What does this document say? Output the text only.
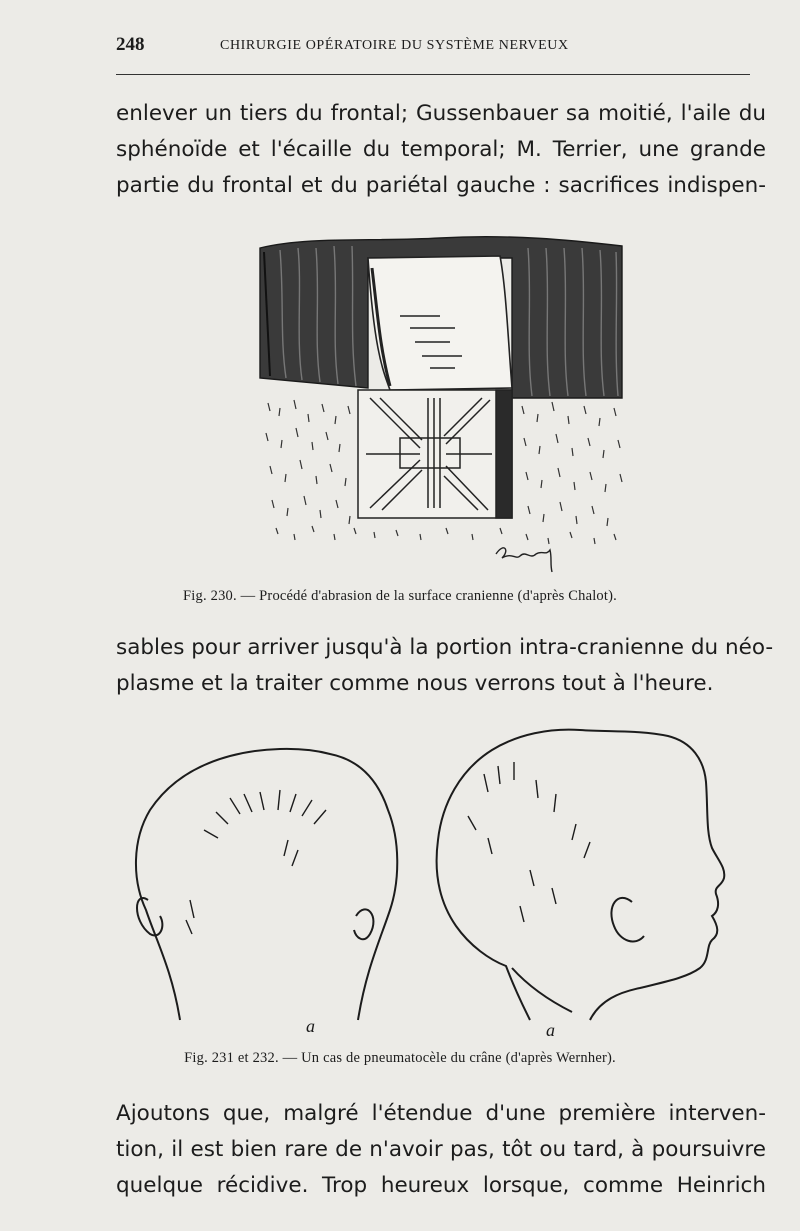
248	CHIRURGIE OPÉRATOIRE DU SYSTÈME NERVEUX
enlever un tiers du frontal; Gussenbauer sa moitié, l'aile du
sphénoïde et l'écaille du temporal; M. Terrier, une grande
partie du frontal et du pariétal gauche : sacrifices indispen-
Fig. 230. — Procédé d'abrasion de la surface cranienne (d'après Chalot).
sables pour arriver jusqu'à la portion intra-cranienne du néo-
plasme et la traiter comme nous verrons tout à l'heure.
a	a
Fig. 231 et 232. — Un cas de pneumatocèle du crâne (d'après Wernher).
Ajoutons que, malgré l'étendue d'une première interven-
tion, il est bien rare de n'avoir pas, tôt ou tard, à poursuivre
quelque récidive. Trop heureux lorsque, comme Heinrich
